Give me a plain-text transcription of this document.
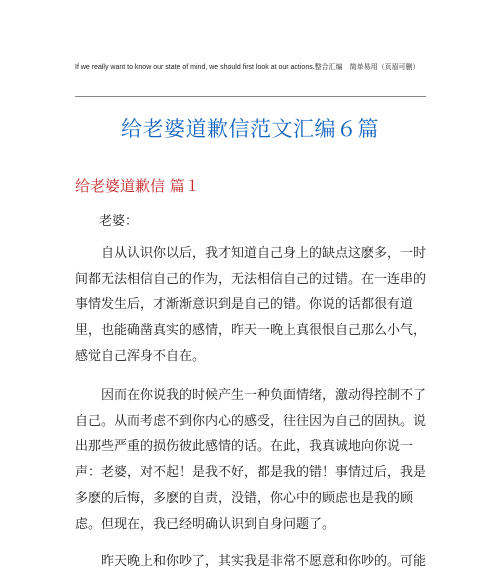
If we really want to know our state of mind, we should first look at our actions.整合汇编　简单易用（页眉可删）
给老婆道歉信范文汇编６篇
给老婆道歉信 篇１
老婆：

自从认识你以后，我才知道自己身上的缺点这麽多，一时间都无法相信自己的作为，无法相信自己的过错。在一连串的事情发生后，才渐渐意识到是自己的错。你说的话都很有道里，也能确凿真实的感情，昨天一晚上真很恨自己那么小气，感觉自己浑身不自在。

因而在你说我的时候产生一种负面情绪，激动得控制不了自己。从而考虑不到你内心的感受，往往因为自己的固执。说出那些严重的损伤彼此感情的话。在此，我真诚地向你说一声：老婆，对不起！是我不好，都是我的错！事情过后，我是多麽的后悔，多麽的自责，没错，你心中的顾虑也是我的顾虑。但现在，我已经明确认识到自身问题了。

昨天晚上和你吵了，其实我是非常不愿意和你吵的。可能
